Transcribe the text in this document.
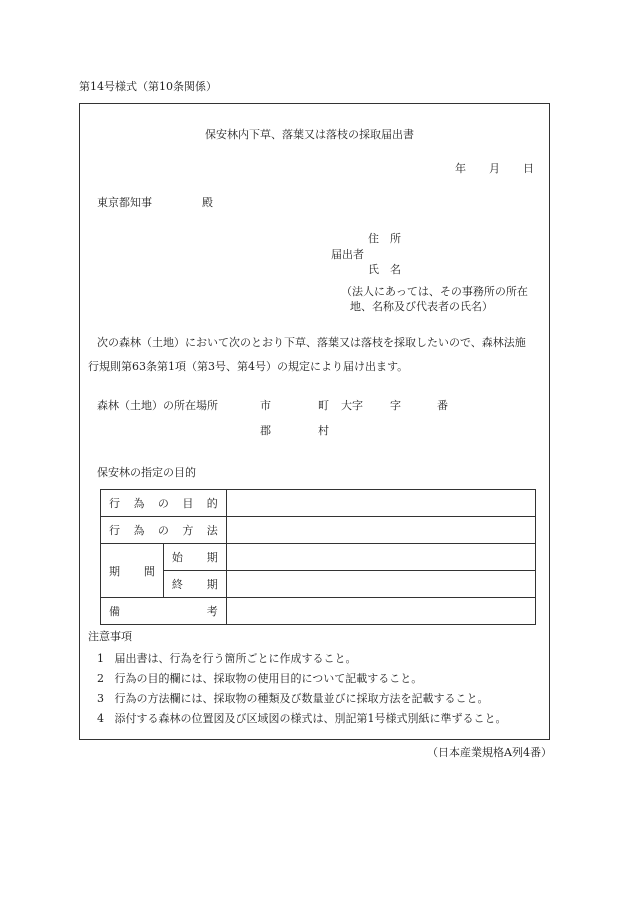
第14号様式（第10条関係）
保安林内下草、落葉又は落枝の採取届出書
年 月 日
東京都知事	殿
住　所
届出者
氏　名
（法人にあっては、その事務所の所在
地、名称及び代表者の氏名）
次の森林（土地）において次のとおり下草、落葉又は落枝を採取したいので、森林法施
行規則第63条第1項（第3号、第4号）の規定により届け出ます。
森林（土地）の所在場所	市	町 大字 字	番
郡	村
保安林の指定の目的
行為の目的		
行為の方法		
期間	始期	
	終期	
備考		
注意事項
1 届出書は、行為を行う箇所ごとに作成すること。
2 行為の目的欄には、採取物の使用目的について記載すること。
3 行為の方法欄には、採取物の種類及び数量並びに採取方法を記載すること。
4 添付する森林の位置図及び区域図の様式は、別記第1号様式別紙に準ずること。
（日本産業規格A列4番）
